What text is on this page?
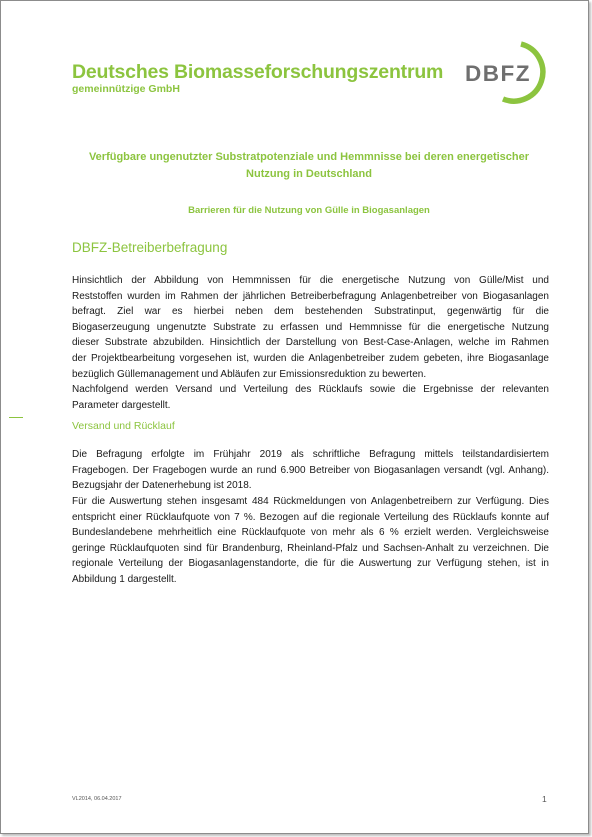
Deutsches Biomasseforschungszentrum
gemeinnützige GmbH
DBFZ
Verfügbare ungenutzter Substratpotenziale und Hemmnisse bei deren energetischer
Nutzung in Deutschland
Barrieren für die Nutzung von Gülle in Biogasanlagen
DBFZ-Betreiberbefragung
Hinsichtlich der Abbildung von Hemmnissen für die energetische Nutzung von Gülle/Mist und
Reststoffen wurden im Rahmen der jährlichen Betreiberbefragung Anlagenbetreiber von Biogasanlagen
befragt. Ziel war es hierbei neben dem bestehenden Substratinput, gegenwärtig für die
Biogaserzeugung ungenutzte Substrate zu erfassen und Hemmnisse für die energetische Nutzung
dieser Substrate abzubilden. Hinsichtlich der Darstellung von Best-Case-Anlagen, welche im Rahmen
der Projektbearbeitung vorgesehen ist, wurden die Anlagenbetreiber zudem gebeten, ihre Biogasanlage
bezüglich Güllemanagement und Abläufen zur Emissionsreduktion zu bewerten.
Nachfolgend werden Versand und Verteilung des Rücklaufs sowie die Ergebnisse der relevanten
Parameter dargestellt.
Versand und Rücklauf
Die Befragung erfolgte im Frühjahr 2019 als schriftliche Befragung mittels teilstandardisiertem
Fragebogen. Der Fragebogen wurde an rund 6.900 Betreiber von Biogasanlagen versandt (vgl. Anhang).
Bezugsjahr der Datenerhebung ist 2018.
Für die Auswertung stehen insgesamt 484 Rückmeldungen von Anlagenbetreibern zur Verfügung. Dies
entspricht einer Rücklaufquote von 7 %. Bezogen auf die regionale Verteilung des Rücklaufs konnte auf
Bundeslandebene mehrheitlich eine Rücklaufquote von mehr als 6 % erzielt werden. Vergleichsweise
geringe Rücklaufquoten sind für Brandenburg, Rheinland-Pfalz und Sachsen-Anhalt zu verzeichnen. Die
regionale Verteilung der Biogasanlagenstandorte, die für die Auswertung zur Verfügung stehen, ist in
Abbildung 1 dargestellt.
VL2014, 06.04.2017	1
